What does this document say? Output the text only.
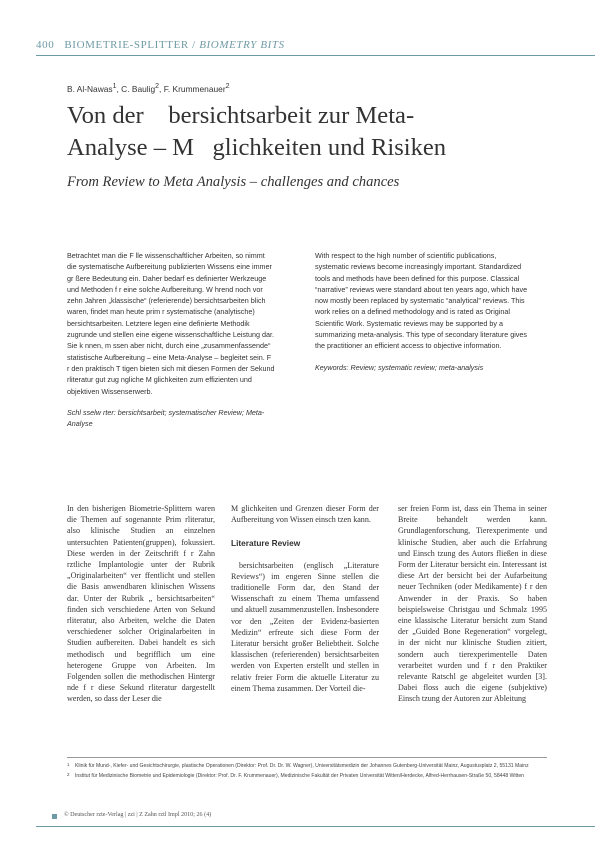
400 BIOMETRIE-SPLITTER / BIOMETRY BITS
B. Al-Nawas$^1$, C. Baulig$^2$, F. Krummenauer$^2$
Von der    bersichtsarbeit zur Meta-
Analyse – M   glichkeiten und Risiken
From Review to Meta Analysis – challenges and chances

Betrachtet man die F lle wissenschaftlicher Arbeiten, so nimmt die systematische Aufbereitung publizierten Wissens eine immer gr ßere Bedeutung ein. Daher bedarf es definierter Werkzeuge und Methoden f r eine solche Aufbereitung. W hrend noch vor zehn Jahren „klassische“ (referierende) bersichtsarbeiten blich waren, findet man heute prim r systematische (analytische) bersichtsarbeiten. Letztere legen eine definierte Methodik zugrunde und stellen eine eigene wissenschaftliche Leistung dar. Sie k nnen, m ssen aber nicht, durch eine „zusammenfassende“ statistische Aufbereitung – eine Meta-Analyse – begleitet sein. F r den praktisch T tigen bieten sich mit diesen Formen der Sekund rliteratur gut zug ngliche M glichkeiten zum effizienten und objektiven Wissenserwerb.

Schl sselw rter: bersichtsarbeit; systematischer Review; Meta-Analyse

With respect to the high number of scientific publications, systematic reviews become increasingly important. Standardized tools and methods have been defined for this purpose. Classical “narrative” reviews were standard about ten years ago, which have now mostly been replaced by systematic “analytical” reviews. This work relies on a defined methodology and is rated as Original Scientific Work. Systematic reviews may be supported by a summarizing meta-analysis. This type of secondary literature gives the practitioner an efficient access to objective information.

Keywords: Review; systematic review; meta-analysis

In den bisherigen Biometrie-Splittern waren die Themen auf sogenannte Prim rliteratur, also klinische Studien an einzelnen untersuchten Patienten(gruppen), fokussiert. Diese werden in der Zeitschrift f r Zahn rztliche Implantologie unter der Rubrik „Originalarbeiten“ ver ffentlicht und stellen die Basis anwendbaren klinischen Wissens dar. Unter der Rubrik „ bersichtsarbeiten“ finden sich verschiedene Arten von Sekund rliteratur, also Arbeiten, welche die Daten verschiedener solcher Originalarbeiten in Studien aufbereiten. Dabei handelt es sich methodisch und begrifflich um eine heterogene Gruppe von Arbeiten. Im Folgenden sollen die methodischen Hintergr nde f r diese Sekund rliteratur dargestellt werden, so dass der Leser die

M glichkeiten und Grenzen dieser Form der Aufbereitung von Wissen einsch tzen kann.

Literature Review

bersichtsarbeiten (englisch „Literature Reviews“) im engeren Sinne stellen die traditionelle Form dar, den Stand der Wissenschaft zu einem Thema umfassend und aktuell zusammenzustellen. Insbesondere vor den „Zeiten der Evidenz-basierten Medizin“ erfreute sich diese Form der Literatur bersicht großer Beliebtheit. Solche klassischen (referierenden) bersichtsarbeiten werden von Experten erstellt und stellen in relativ freier Form die aktuelle Literatur zu einem Thema zusammen. Der Vorteil die-

ser freien Form ist, dass ein Thema in seiner Breite behandelt werden kann. Grundlagenforschung, Tierexperimente und klinische Studien, aber auch die Erfahrung und Einsch tzung des Autors fließen in diese Form der Literatur bersicht ein. Interessant ist diese Art der bersicht bei der Aufarbeitung neuer Techniken (oder Medikamente) f r den Anwender in der Praxis. So haben beispielsweise Christgau und Schmalz 1995 eine klassische Literatur bersicht zum Stand der „Guided Bone Regeneration“ vorgelegt, in der nicht nur klinische Studien zitiert, sondern auch tierexperimentelle Daten verarbeitet wurden und f r den Praktiker relevante Ratschl ge abgeleitet wurden [3]. Dabei floss auch die eigene (subjektive) Einsch tzung der Autoren zur Ableitung

1 Klinik für Mund-, Kiefer- und Gesichtschirurgie, plastische Operationen (Direktor: Prof. Dr. Dr. W. Wagner), Universitätsmedizin der Johannes Gutenberg-Universität Mainz, Augustusplatz 2, 55131 Mainz
2 Institut für Medizinische Biometrie und Epidemiologie (Direktor: Prof. Dr. F. Krummenauer), Medizinische Fakultät der Privaten Universität Witten/Herdecke, Alfred-Herrhausen-Straße 50, 58448 Witten
© Deutscher rzte-Verlag | zzi | Z Zahn rztl Impl 2010; 26 (4)
